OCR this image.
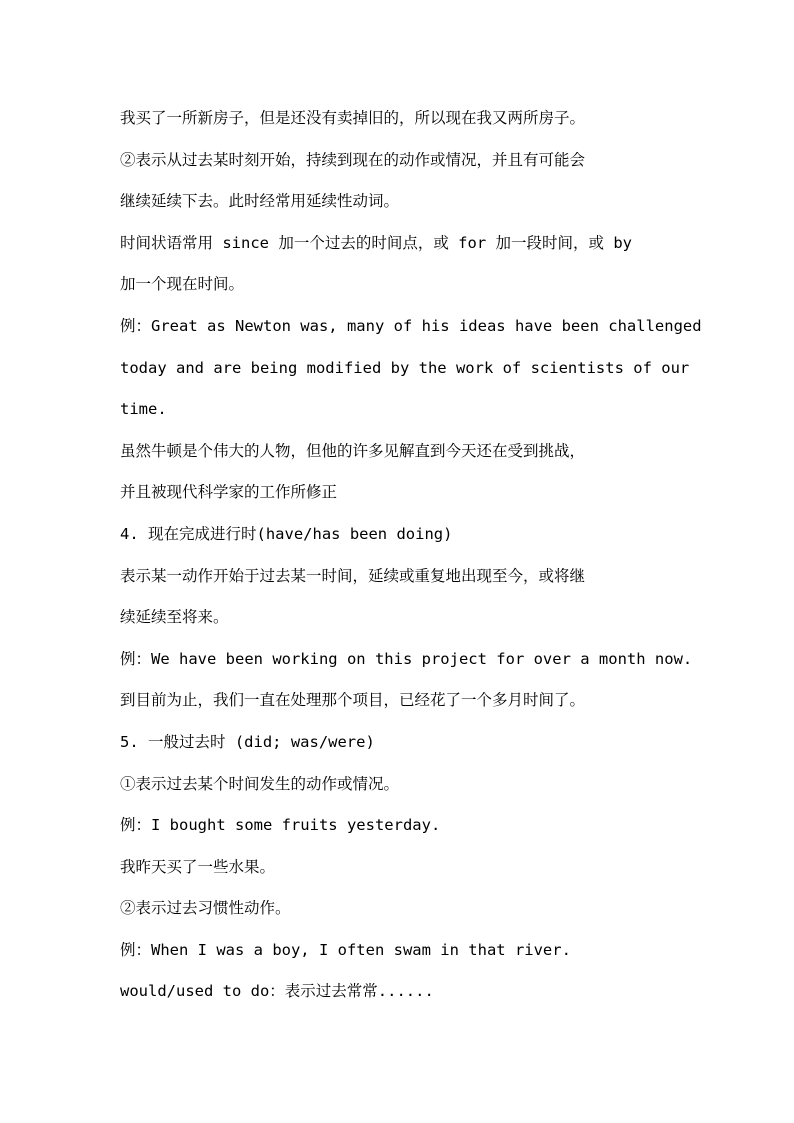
我买了一所新房子，但是还没有卖掉旧的，所以现在我又两所房子。

②表示从过去某时刻开始，持续到现在的动作或情况，并且有可能会

继续延续下去。此时经常用延续性动词。

时间状语常用 since 加一个过去的时间点，或 for 加一段时间，或 by

加一个现在时间。

例：Great as Newton was, many of his ideas have been challenged

today and are being modified by the work of scientists of our

time.

虽然牛顿是个伟大的人物，但他的许多见解直到今天还在受到挑战，

并且被现代科学家的工作所修正

4. 现在完成进行时(have/has been doing)

表示某一动作开始于过去某一时间，延续或重复地出现至今，或将继

续延续至将来。

例：We have been working on this project for over a month now.

到目前为止，我们一直在处理那个项目，已经花了一个多月时间了。

5. 一般过去时 (did; was/were)

①表示过去某个时间发生的动作或情况。

例：I bought some fruits yesterday.

我昨天买了一些水果。

②表示过去习惯性动作。

例：When I was a boy, I often swam in that river.

would/used to do：表示过去常常......
